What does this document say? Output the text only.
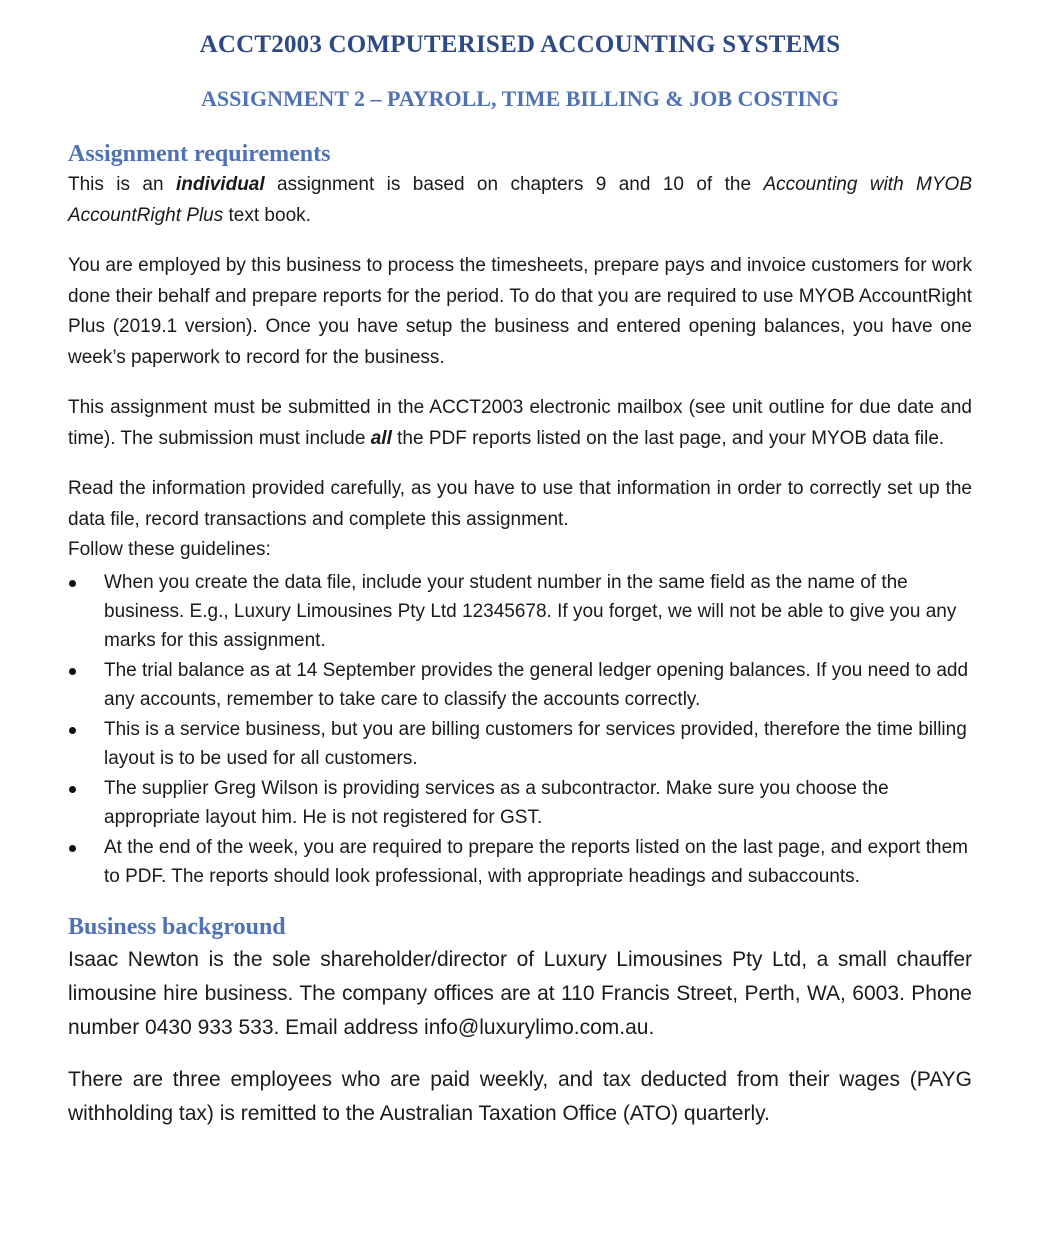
ACCT2003 COMPUTERISED ACCOUNTING SYSTEMS
ASSIGNMENT 2 – PAYROLL, TIME BILLING & JOB COSTING
Assignment requirements

This is an individual assignment is based on chapters 9 and 10 of the Accounting with MYOB AccountRight Plus text book.

You are employed by this business to process the timesheets, prepare pays and invoice customers for work done their behalf and prepare reports for the period. To do that you are required to use MYOB AccountRight Plus (2019.1 version). Once you have setup the business and entered opening balances, you have one week’s paperwork to record for the business.

This assignment must be submitted in the ACCT2003 electronic mailbox (see unit outline for due date and time). The submission must include all the PDF reports listed on the last page, and your MYOB data file.

Read the information provided carefully, as you have to use that information in order to correctly set up the data file, record transactions and complete this assignment.

Follow these guidelines:

When you create the data file, include your student number in the same field as the name of the business. E.g., Luxury Limousines Pty Ltd 12345678. If you forget, we will not be able to give you any marks for this assignment.
The trial balance as at 14 September provides the general ledger opening balances. If you need to add any accounts, remember to take care to classify the accounts correctly.
This is a service business, but you are billing customers for services provided, therefore the time billing layout is to be used for all customers.
The supplier Greg Wilson is providing services as a subcontractor. Make sure you choose the appropriate layout him. He is not registered for GST.
At the end of the week, you are required to prepare the reports listed on the last page, and export them to PDF. The reports should look professional, with appropriate headings and subaccounts.
Business background

Isaac Newton is the sole shareholder/director of Luxury Limousines Pty Ltd, a small chauffer limousine hire business. The company offices are at 110 Francis Street, Perth, WA, 6003. Phone number 0430 933 533. Email address info@luxurylimo.com.au.

There are three employees who are paid weekly, and tax deducted from their wages (PAYG withholding tax) is remitted to the Australian Taxation Office (ATO) quarterly.
